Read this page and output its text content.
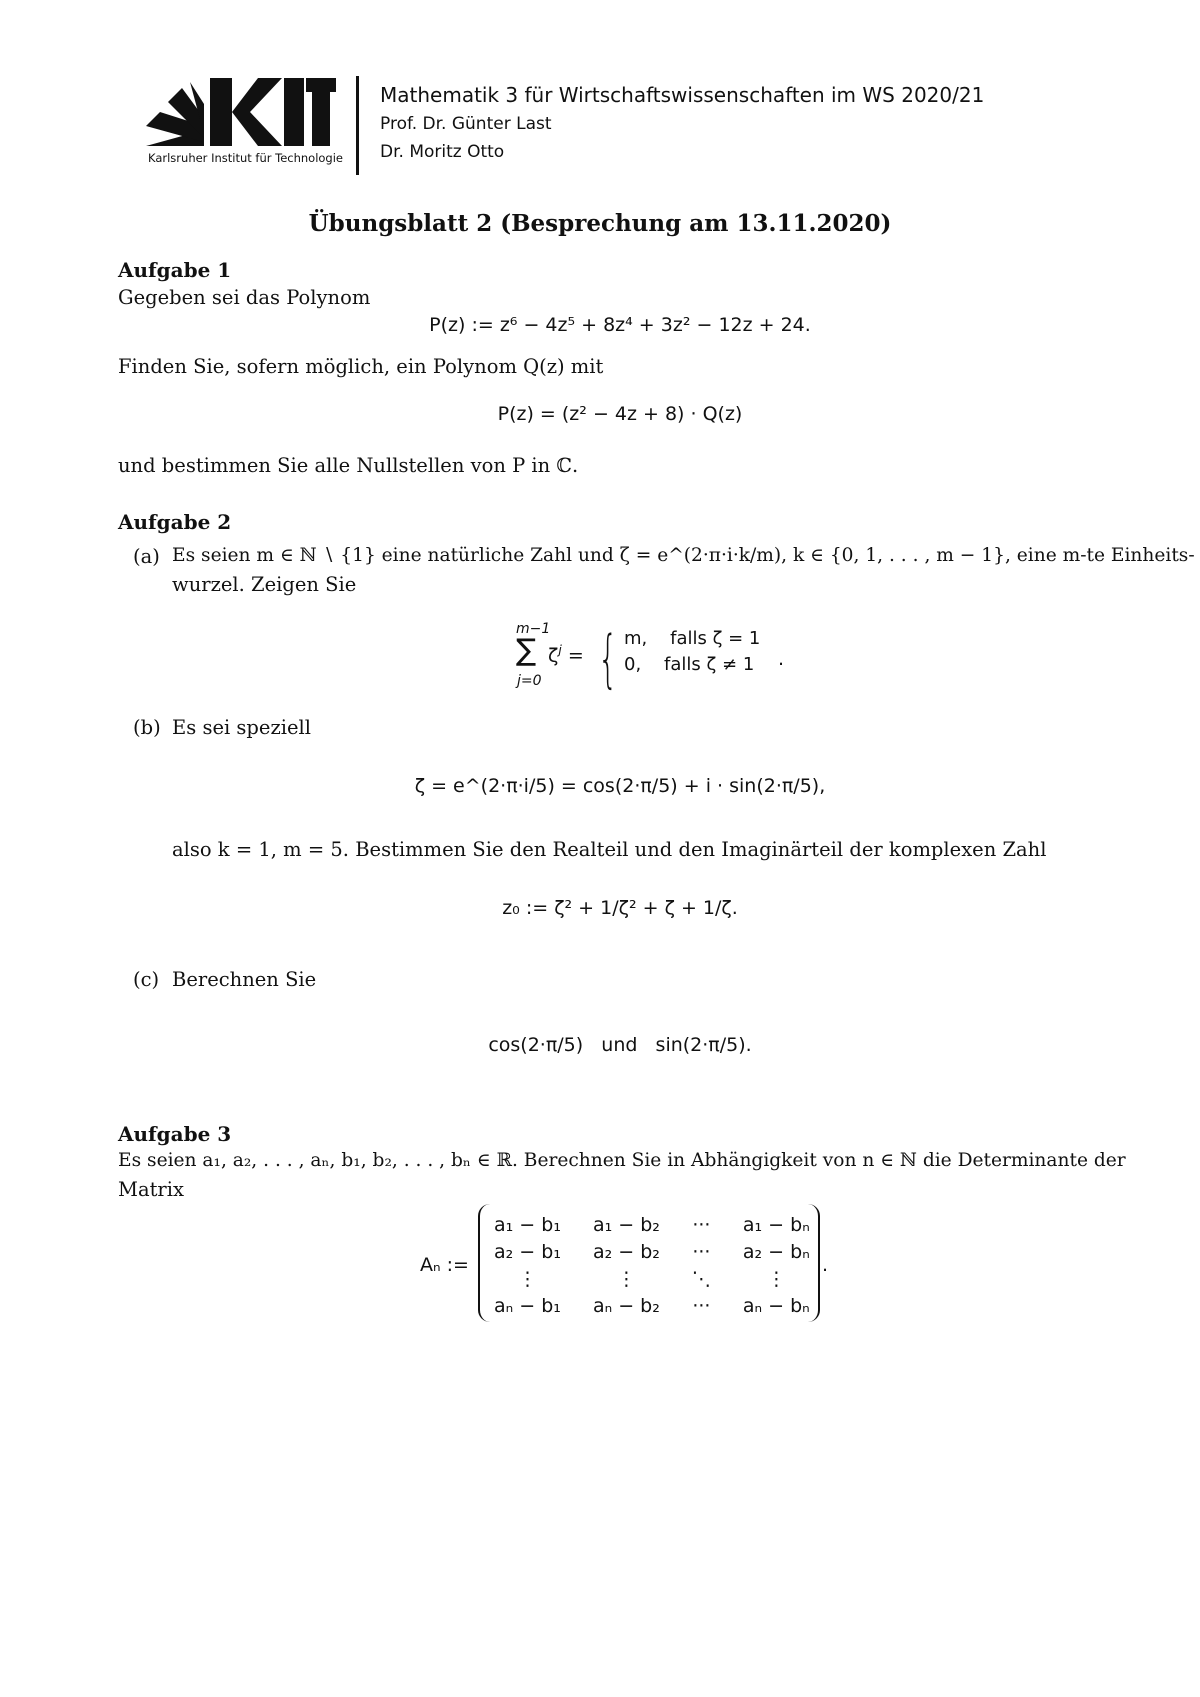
Karlsruher Institut für Technologie
Mathematik 3 für Wirtschaftswissenschaften im WS 2020/21
Prof. Dr. Günter Last
Dr. Moritz Otto
Übungsblatt 2 (Besprechung am 13.11.2020)
Aufgabe 1
Gegeben sei das Polynom
P(z) := z⁶ − 4z⁵ + 8z⁴ + 3z² − 12z + 24.
Finden Sie, sofern möglich, ein Polynom Q(z) mit
P(z) = (z² − 4z + 8) · Q(z)
und bestimmen Sie alle Nullstellen von P in ℂ.
Aufgabe 2
(a) Es seien m ∈ ℕ ∖ {1} eine natürliche Zahl und ζ = e^(2·π·i·k/m), k ∈ {0, 1, . . . , m − 1}, eine m-te Einheits-
wurzel. Zeigen Sie
m−1
∑
j=0
$\zeta^j$ = { m,    falls ζ = 1
0,    falls ζ ≠ 1 .
(b) Es sei speziell
ζ = e^(2·π·i/5) = cos(2·π/5) + i · sin(2·π/5),
also k = 1, m = 5. Bestimmen Sie den Realteil und den Imaginärteil der komplexen Zahl
z₀ := ζ² + 1/ζ² + ζ + 1/ζ.
(c) Berechnen Sie
cos(2·π/5)   und   sin(2·π/5).
Aufgabe 3
Es seien a₁, a₂, . . . , aₙ, b₁, b₂, . . . , bₙ ∈ ℝ. Berechnen Sie in Abhängigkeit von n ∈ ℕ die Determinante der
Matrix
Aₙ :=
a₁ − b₁	a₁ − b₂	···	a₁ − bₙ
a₂ − b₁	a₂ − b₂	···	a₂ − bₙ
⋮	⋮	⋱	⋮
aₙ − b₁	aₙ − b₂	···	aₙ − bₙ
.
